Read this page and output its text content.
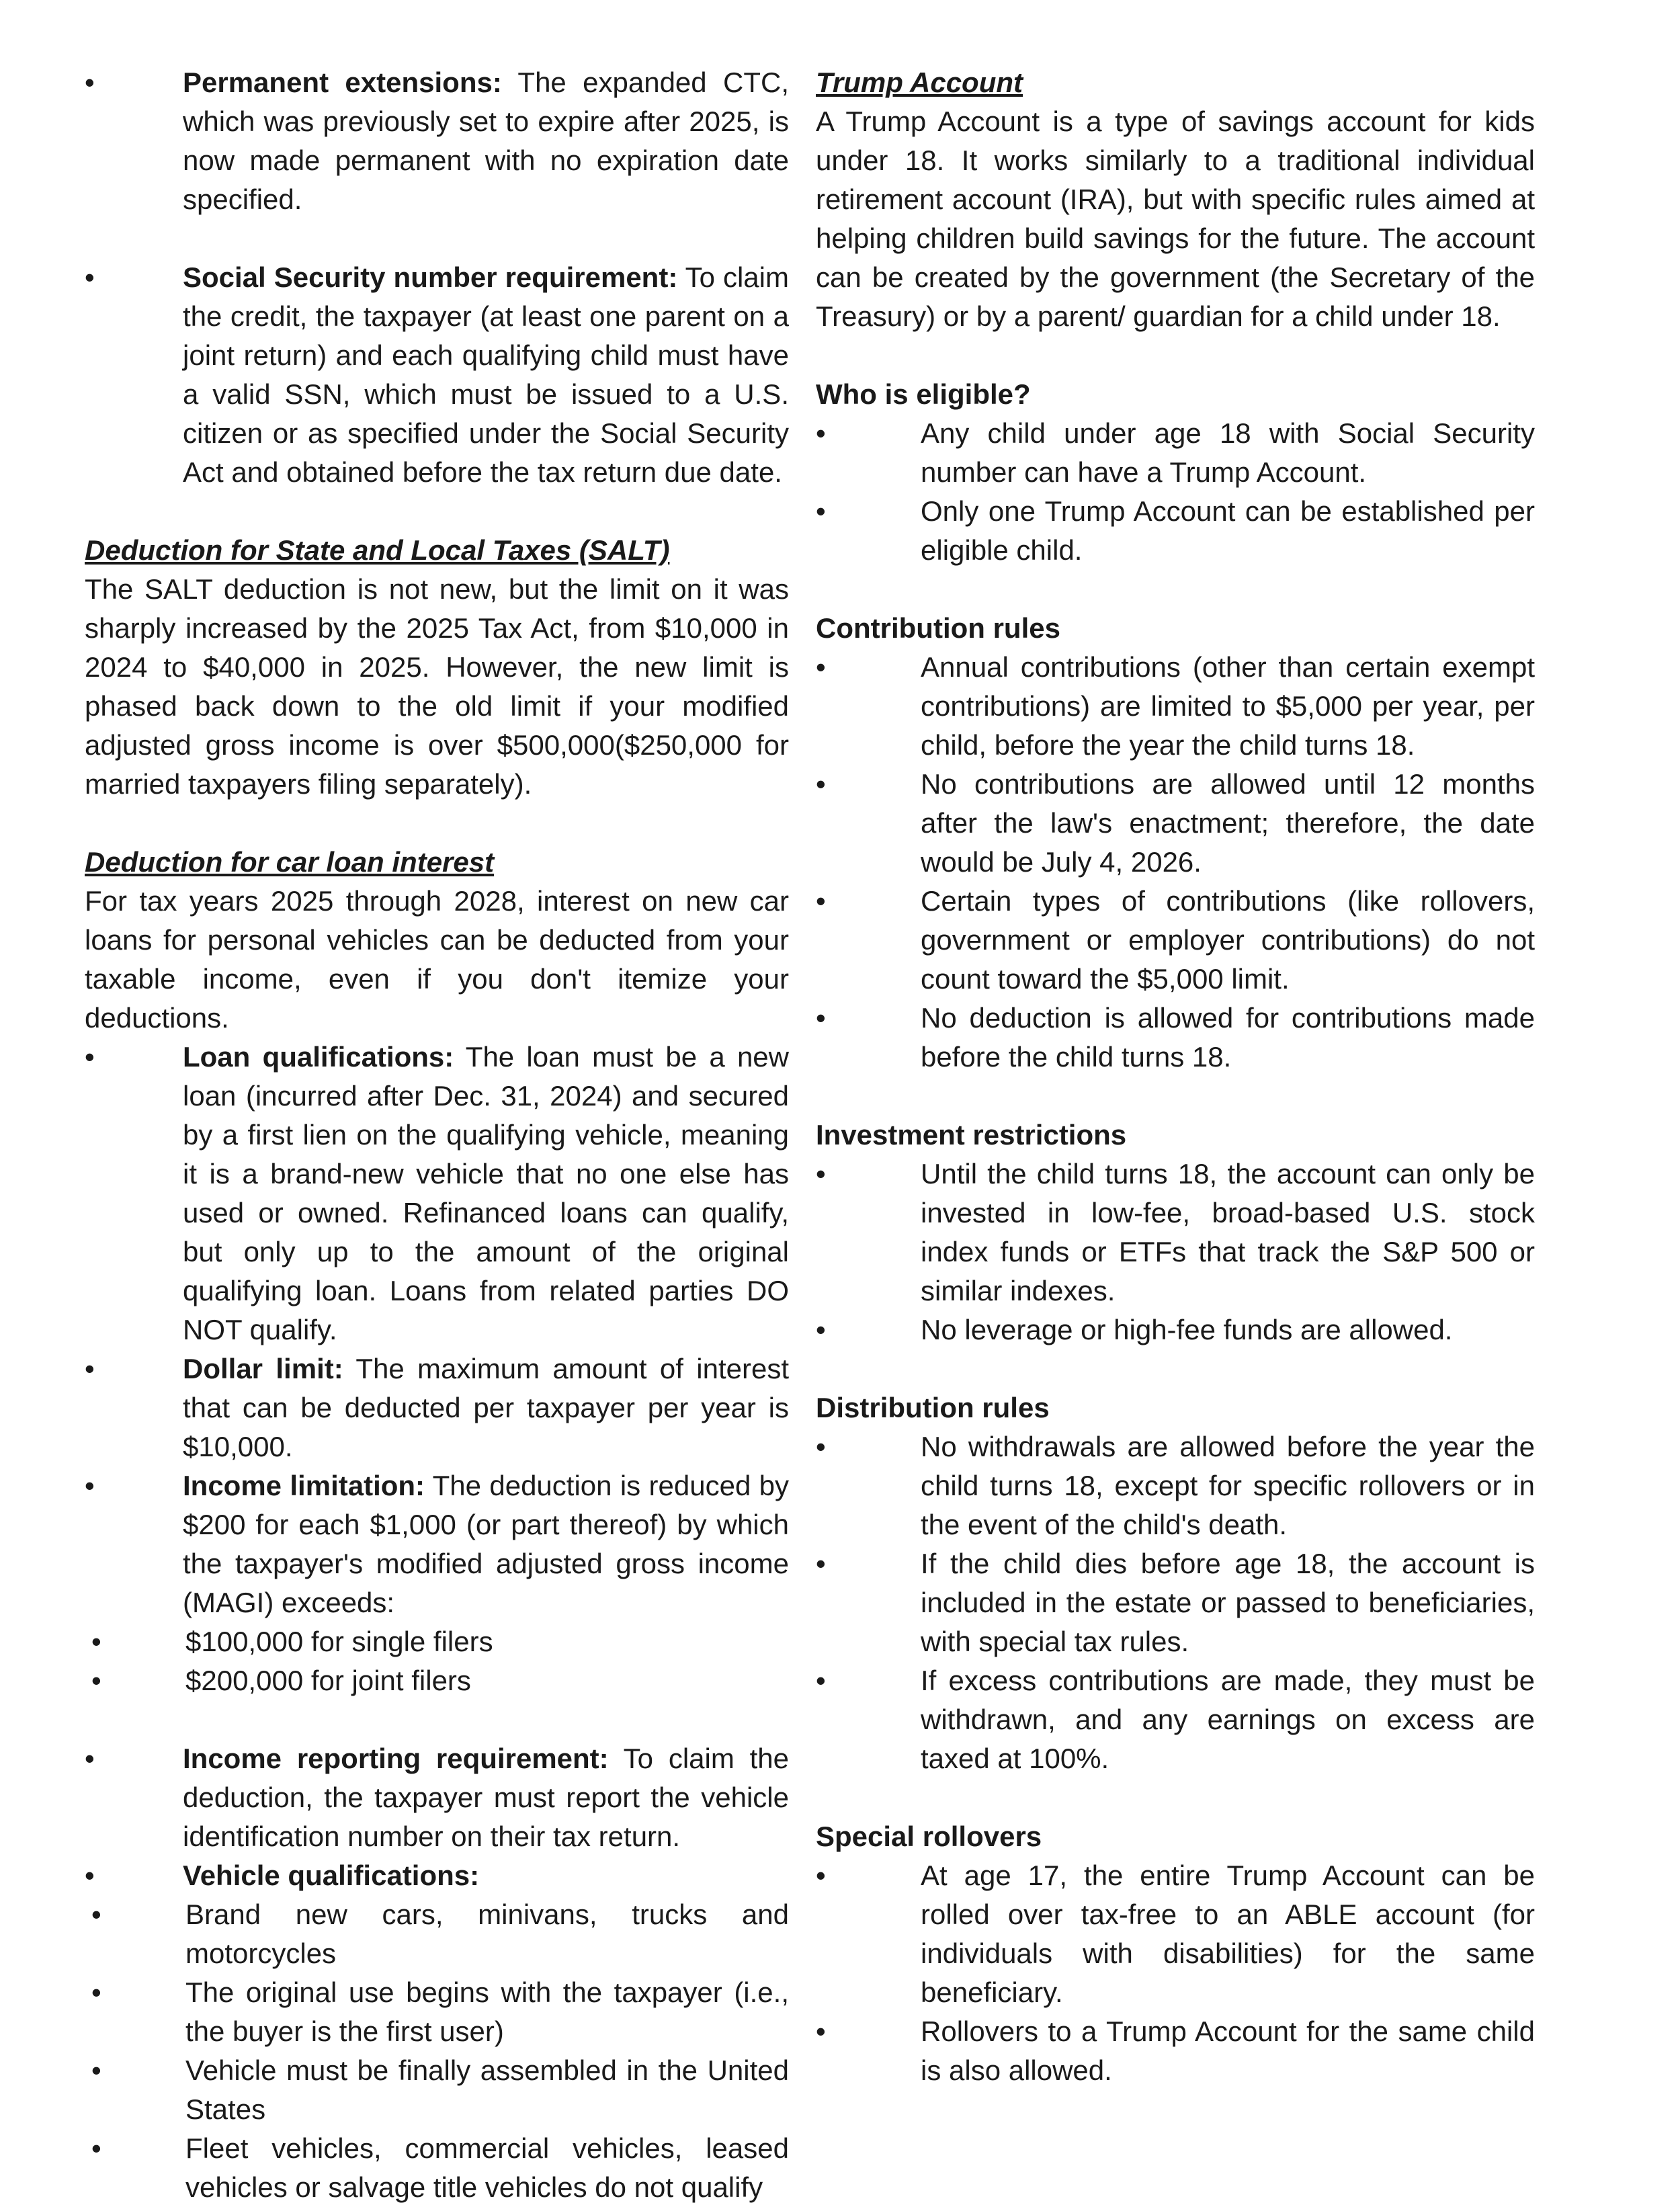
•	Permanent extensions: The expanded CTC, which was previously set to expire after 2025, is now made permanent with no expiration date specified.
•	Social Security number requirement: To claim the credit, the taxpayer (at least one parent on a joint return) and each qualifying child must have a valid SSN, which must be issued to a U.S. citizen or as specified under the Social Security Act and obtained before the tax return due date.

Deduction for State and Local Taxes (SALT)

The SALT deduction is not new, but the limit on it was sharply increased by the 2025 Tax Act, from $10,000 in 2024 to $40,000 in 2025. However, the new limit is phased back down to the old limit if your modified adjusted gross income is over $500,000($250,000 for married taxpayers filing separately).

Deduction for car loan interest

For tax years 2025 through 2028, interest on new car loans for personal vehicles can be deducted from your taxable income, even if you don't itemize your deductions.

•	Loan qualifications: The loan must be a new loan (incurred after Dec. 31, 2024) and secured by a first lien on the qualifying vehicle, meaning it is a brand-new vehicle that no one else has used or owned. Refinanced loans can qualify, but only up to the amount of the original qualifying loan. Loans from related parties DO NOT qualify.
•	Dollar limit: The maximum amount of interest that can be deducted per taxpayer per year is $10,000.
•	Income limitation: The deduction is reduced by $200 for each $1,000 (or part thereof) by which the taxpayer's modified adjusted gross income (MAGI) exceeds:
•	$100,000 for single filers
•	$200,000 for joint filers
•	Income reporting requirement: To claim the deduction, the taxpayer must report the vehicle identification number on their tax return.
•	Vehicle qualifications:
•	Brand new cars, minivans, trucks and motorcycles
•	The original use begins with the taxpayer (i.e., the buyer is the first user)
•	Vehicle must be finally assembled in the United States
•	Fleet vehicles, commercial vehicles, leased vehicles or salvage title vehicles do not qualify

Trump Account

A Trump Account is a type of savings account for kids under 18. It works similarly to a traditional individual retirement account (IRA), but with specific rules aimed at helping children build savings for the future. The account can be created by the government (the Secretary of the Treasury) or by a parent/ guardian for a child under 18.

Who is eligible?

•	Any child under age 18 with Social Security number can have a Trump Account.
•	Only one Trump Account can be established per eligible child.

Contribution rules

•	Annual contributions (other than certain exempt contributions) are limited to $5,000 per year, per child, before the year the child turns 18.
•	No contributions are allowed until 12 months after the law's enactment; therefore, the date would be July 4, 2026.
•	Certain types of contributions (like rollovers, government or employer contributions) do not count toward the $5,000 limit.
•	No deduction is allowed for contributions made before the child turns 18.

Investment restrictions

•	Until the child turns 18, the account can only be invested in low-fee, broad-based U.S. stock index funds or ETFs that track the S&P 500 or similar indexes.
•	No leverage or high-fee funds are allowed.

Distribution rules

•	No withdrawals are allowed before the year the child turns 18, except for specific rollovers or in the event of the child's death.
•	If the child dies before age 18, the account is included in the estate or passed to beneficiaries, with special tax rules.
•	If excess contributions are made, they must be withdrawn, and any earnings on excess are taxed at 100%.

Special rollovers

•	At age 17, the entire Trump Account can be rolled over tax-free to an ABLE account (for individuals with disabilities) for the same beneficiary.
•	Rollovers to a Trump Account for the same child is also allowed.
